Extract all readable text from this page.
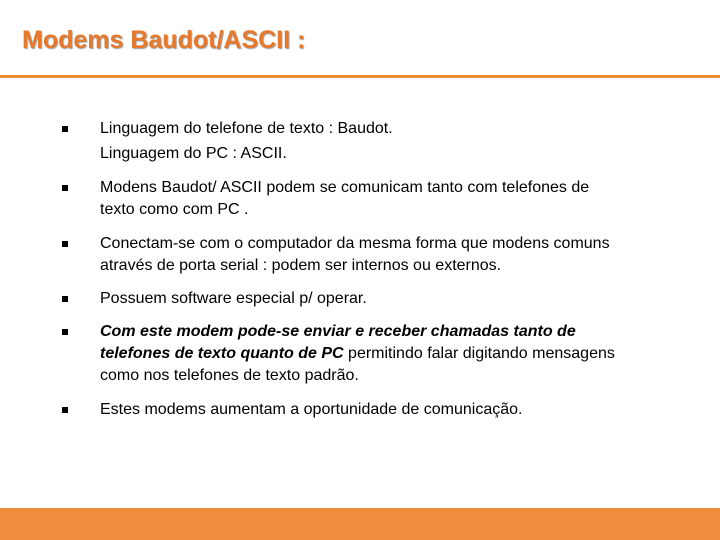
Modems Baudot/ASCII :
Linguagem do telefone de texto : Baudot.
Linguagem do PC : ASCII.
Modens Baudot/ ASCII podem se comunicam tanto com telefones de
texto como com PC .
Conectam-se com o computador da mesma forma que modens comuns
através de porta serial : podem ser internos ou externos.
Possuem software especial p/ operar.
Com este modem pode-se enviar e receber chamadas tanto de
telefones de texto quanto de PC permitindo falar digitando mensagens
como nos telefones de texto padrão.
Estes modems aumentam a oportunidade de comunicação.
